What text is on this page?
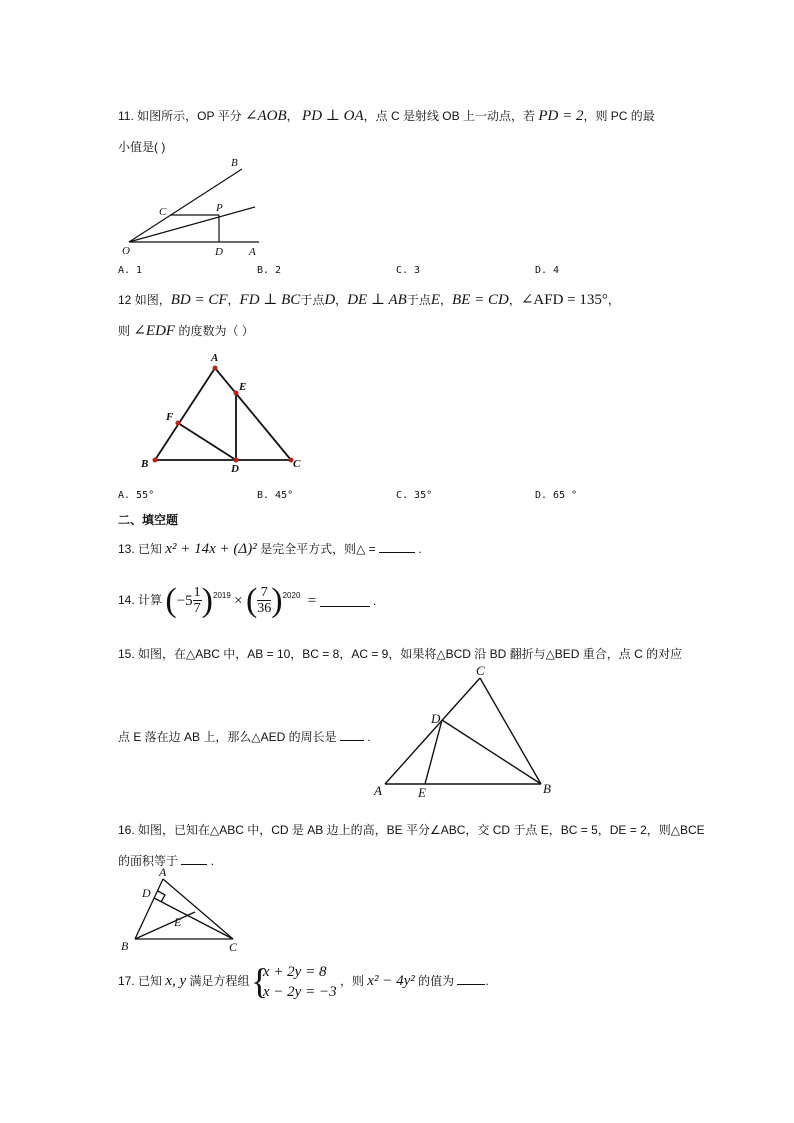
11. 如图所示，OP 平分 ∠AOB， PD ⊥ OA，点 C 是射线 OB 上一动点，若 PD = 2，则 PC 的最
小值是( )
B
C	P
O	D A
A. 1	B. 2	C. 3	D. 4
12 如图，BD = CF，FD ⊥ BC于点D，DE ⊥ AB于点E，BE = CD，∠AFD = 135°，
则 ∠EDF 的度数为（ ）
A
E
F
B	D	C
A. 55°	B. 45°	C. 35°	D. 65 °
二、填空题
13. 已知 x² + 14x + (Δ)² 是完全平方式，则△ =	.
14. 计算 $(-5 \frac{1}{7} )^{2019}$ × ( $\frac{7}{36} )^{2020}$ =	.
15. 如图，在△ABC 中，AB = 10，BC = 8，AC = 9，如果将△BCD 沿 BD 翻折与△BED 重合，点 C 的对应
点 E 落在边 AB 上，那么△AED 的周长是	.
C
D
A	E	B
16. 如图，已知在△ABC 中，CD 是 AB 边上的高，BE 平分∠ABC，交 CD 于点 E，BC = 5，DE = 2，则△BCE
的面积等于	.
A
D
E
B	C
17. 已知 x, y 满足方程组 {
x + 2y = 8
x − 2y = −3
，则 x² − 4y² 的值为	.
